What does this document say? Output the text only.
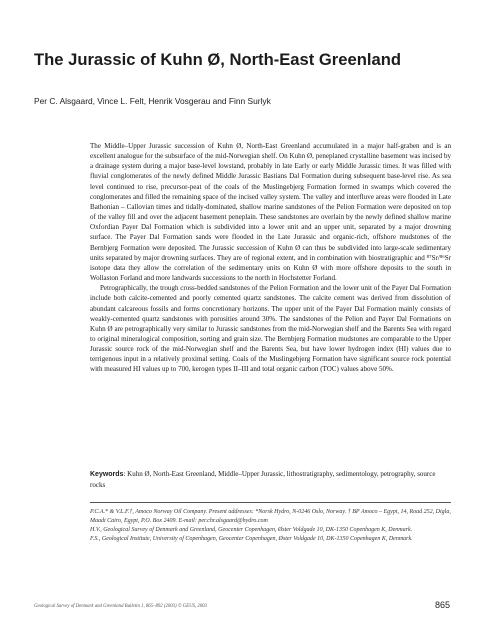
The Jurassic of Kuhn Ø, North-East Greenland
Per C. Alsgaard, Vince L. Felt, Henrik Vosgerau and Finn Surlyk

The Middle–Upper Jurassic succession of Kuhn Ø, North-East Greenland accumulated in a major half-graben and is an excellent analogue for the subsurface of the mid-Norwegian shelf. On Kuhn Ø, peneplaned crystalline basement was incised by a drainage system during a major base-level lowstand, probably in late Early or early Middle Jurassic times. It was filled with fluvial conglomerates of the newly defined Middle Jurassic Bastians Dal Formation during subsequent base-level rise. As sea level continued to rise, precursor-peat of the coals of the Muslingebjerg Formation formed in swamps which covered the conglomerates and filled the remaining space of the incised valley system. The valley and interfluve areas were flooded in Late Bathonian – Callovian times and tidally-dominated, shallow marine sandstones of the Pelion Formation were deposited on top of the valley fill and over the adjacent basement peneplain. These sandstones are overlain by the newly defined shallow marine Oxfordian Payer Dal Formation which is subdivided into a lower unit and an upper unit, separated by a major drowning surface. The Payer Dal Formation sands were flooded in the Late Jurassic and organic-rich, offshore mudstones of the Bernbjerg Formation were deposited. The Jurassic succession of Kuhn Ø can thus be subdivided into large-scale sedimentary units separated by major drowning surfaces. They are of regional extent, and in combination with biostratigraphic and ⁸⁷Sr/⁸⁶Sr isotope data they allow the correlation of the sedimentary units on Kuhn Ø with more offshore deposits to the south in Wollaston Forland and more landwards successions to the north in Hochstetter Forland.

Petrographically, the trough cross-bedded sandstones of the Pelion Formation and the lower unit of the Payer Dal Formation include both calcite-cemented and poorly cemented quartz sandstones. The calcite cement was derived from dissolution of abundant calcareous fossils and forms concretionary horizons. The upper unit of the Payer Dal Formation mainly consists of weakly-cemented quartz sandstones with porosities around 30%. The sandstones of the Pelion and Payer Dal Formations on Kuhn Ø are petrographically very similar to Jurassic sandstones from the mid-Norwegian shelf and the Barents Sea with regard to original mineralogical composition, sorting and grain size. The Bernbjerg Formation mudstones are comparable to the Upper Jurassic source rock of the mid-Norwegian shelf and the Barents Sea, but have lower hydrogen index (HI) values due to terrigenous input in a relatively proximal setting. Coals of the Muslingebjerg Formation have significant source rock potential with measured HI values up to 700, kerogen types II–III and total organic carbon (TOC) values above 50%.

Keywords: Kuhn Ø, North-East Greenland, Middle–Upper Jurassic, lithostratigraphy, sedimentology, petrography, source rocks

P.C.A.* & V.L.F.†, Amoco Norway Oil Company. Present addresses: *Norsk Hydro, N-0246 Oslo, Norway. † BP Amoco – Egypt, 14, Road 252, Digla, Maadi Cairo, Egypt, P.O. Box 2409. E-mail: per.chr.alsgaard@hydro.com

H.V., Geological Survey of Denmark and Greenland, Geocenter Copenhagen, Øster Voldgade 10, DK-1350 Copenhagen K, Denmark.

F.S., Geological Institute, University of Copenhagen, Geocenter Copenhagen, Øster Voldgade 10, DK-1350 Copenhagen K, Denmark.

Geological Survey of Denmark and Greenland Bulletin 1, 865–892 (2003) © GEUS, 2003	865
